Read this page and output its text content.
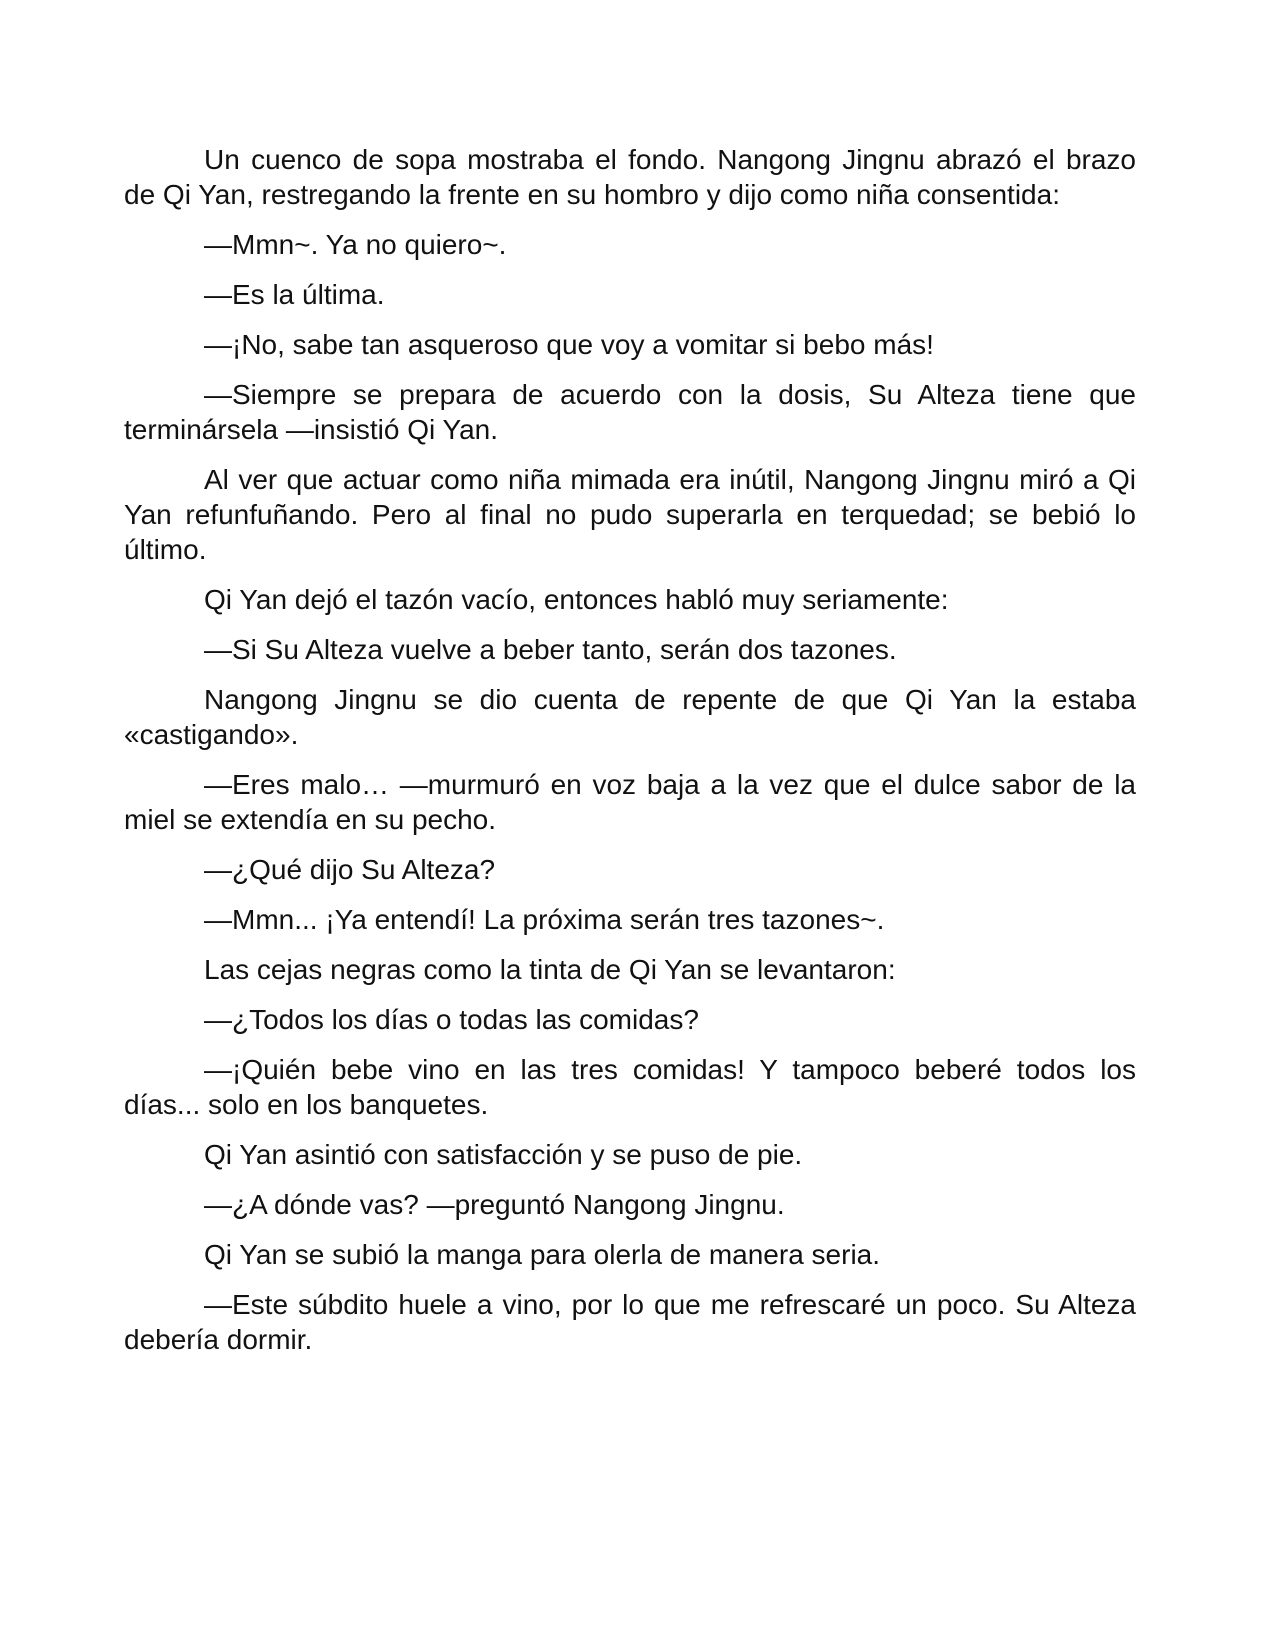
Un cuenco de sopa mostraba el fondo. Nangong Jingnu abrazó el brazo de Qi Yan, restregando la frente en su hombro y dijo como niña consentida:

—Mmn~. Ya no quiero~.

—Es la última.

—¡No, sabe tan asqueroso que voy a vomitar si bebo más!

—Siempre se prepara de acuerdo con la dosis, Su Alteza tiene que terminársela —insistió Qi Yan.

Al ver que actuar como niña mimada era inútil, Nangong Jingnu miró a Qi Yan refunfuñando. Pero al final no pudo superarla en terquedad; se bebió lo último.

Qi Yan dejó el tazón vacío, entonces habló muy seriamente:

—Si Su Alteza vuelve a beber tanto, serán dos tazones.

Nangong Jingnu se dio cuenta de repente de que Qi Yan la estaba «castigando».

—Eres malo… —murmuró en voz baja a la vez que el dulce sabor de la miel se extendía en su pecho.

—¿Qué dijo Su Alteza?

—Mmn... ¡Ya entendí! La próxima serán tres tazones~.

Las cejas negras como la tinta de Qi Yan se levantaron:

—¿Todos los días o todas las comidas?

—¡Quién bebe vino en las tres comidas! Y tampoco beberé todos los días... solo en los banquetes.

Qi Yan asintió con satisfacción y se puso de pie.

—¿A dónde vas? —preguntó Nangong Jingnu.

Qi Yan se subió la manga para olerla de manera seria.

—Este súbdito huele a vino, por lo que me refrescaré un poco. Su Alteza debería dormir.
